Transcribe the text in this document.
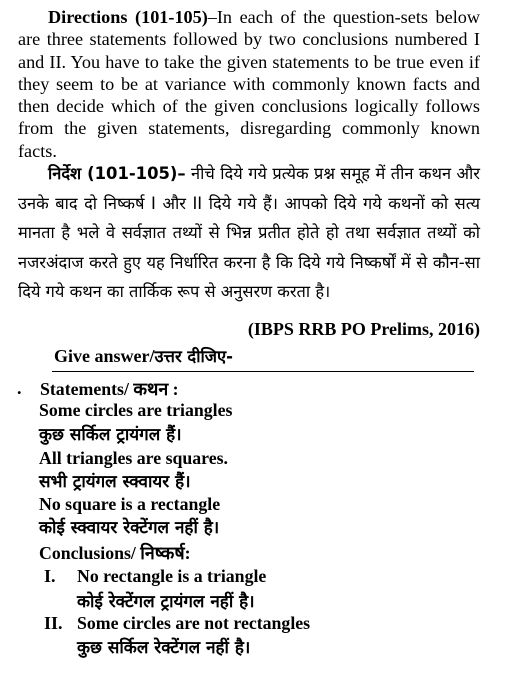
Directions (101-105)–In each of the question-sets below are three statements followed by two conclusions numbered I and II. You have to take the given statements to be true even if they seem to be at variance with commonly known facts and then decide which of the given conclusions logically follows from the given statements, disregarding commonly known facts.
निर्देश (101-105)– नीचे दिये गये प्रत्येक प्रश्न समूह में तीन कथन और उनके बाद दो निष्कर्ष I और II दिये गये हैं। आपको दिये गये कथनों को सत्य मानता है भले वे सर्वज्ञात तथ्यों से भिन्न प्रतीत होते हो तथा सर्वज्ञात तथ्यों को नजरअंदाज करते हुए यह निर्धारित करना है कि दिये गये निष्कर्षों में से कौन-सा दिये गये कथन का तार्किक रूप से अनुसरण करता है।
(IBPS RRB PO Prelims, 2016)
Give answer/उत्तर दीजिए-
. Statements/ कथन :
Some circles are triangles
कुछ सर्किल ट्रायंगल हैं।
All triangles are squares.
सभी ट्रायंगल स्क्वायर हैं।
No square is a rectangle
कोई स्क्वायर रेक्टेंगल नहीं है।
Conclusions/ निष्कर्ष:
I. No rectangle is a triangle
कोई रेक्टेंगल ट्रायंगल नहीं है।
II. Some circles are not rectangles
कुछ सर्किल रेक्टेंगल नहीं है।
